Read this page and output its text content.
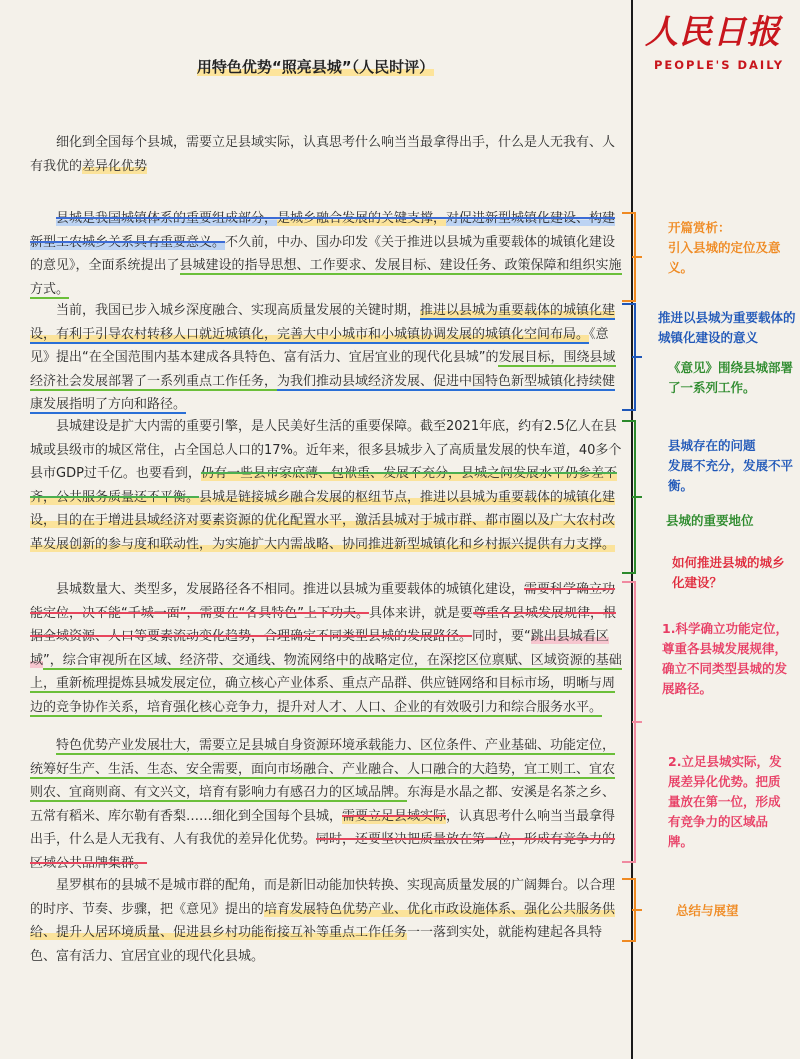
人民日报
PEOPLE'S DAILY
用特色优势“照亮县城”（人民时评）

细化到全国每个县城，需要立足县域实际，认真思考什么响当当最拿得出手，什么是人无我有、人有我优的差异化优势

县城是我国城镇体系的重要组成部分，是城乡融合发展的关键支撑，对促进新型城镇化建设、构建新型工农城乡关系具有重要意义。不久前，中办、国办印发《关于推进以县城为重要载体的城镇化建设的意见》，全面系统提出了县城建设的指导思想、工作要求、发展目标、建设任务、政策保障和组织实施方式。

当前，我国已步入城乡深度融合、实现高质量发展的关键时期，推进以县城为重要载体的城镇化建设，有利于引导农村转移人口就近城镇化，完善大中小城市和小城镇协调发展的城镇化空间布局。《意见》提出“在全国范围内基本建成各具特色、富有活力、宜居宜业的现代化县城”的发展目标，围绕县域经济社会发展部署了一系列重点工作任务，为我们推动县域经济发展、促进中国特色新型城镇化持续健康发展指明了方向和路径。

县城建设是扩大内需的重要引擎，是人民美好生活的重要保障。截至2021年底，约有2.5亿人在县城或县级市的城区常住，占全国总人口的17%。近年来，很多县城步入了高质量发展的快车道，40多个县市GDP过千亿。也要看到，仍有一些县市家底薄、包袱重、发展不充分，县城之间发展水平仍参差不齐，公共服务质量还不平衡。县城是链接城乡融合发展的枢纽节点，推进以县城为重要载体的城镇化建设，目的在于增进县域经济对要素资源的优化配置水平，激活县城对于城市群、都市圈以及广大农村改革发展创新的参与度和联动性，为实施扩大内需战略、协同推进新型城镇化和乡村振兴提供有力支撑。

县城数量大、类型多，发展路径各不相同。推进以县城为重要载体的城镇化建设，需要科学确立功能定位，决不能“千城一面”，需要在“各具特色”上下功夫。具体来讲，就是要尊重各县城发展规律，根据全域资源、人口等要素流动变化趋势，合理确定不同类型县城的发展路径。同时，要“跳出县城看区域”，综合审视所在区域、经济带、交通线、物流网络中的战略定位，在深挖区位禀赋、区域资源的基础上，重新梳理提炼县城发展定位，确立核心产业体系、重点产品群、供应链网络和目标市场，明晰与周边的竞争协作关系，培育强化核心竞争力，提升对人才、人口、企业的有效吸引力和综合服务水平。

特色优势产业发展壮大，需要立足县城自身资源环境承载能力、区位条件、产业基础、功能定位，统筹好生产、生活、生态、安全需要，面向市场融合、产业融合、人口融合的大趋势，宜工则工、宜农则农、宜商则商、有文兴文，培育有影响力有感召力的区域品牌。东海是水晶之都、安溪是名茶之乡、五常有稻米、库尔勒有香梨……细化到全国每个县城，需要立足县域实际，认真思考什么响当当最拿得出手，什么是人无我有、人有我优的差异化优势。同时，还要坚决把质量放在第一位，形成有竞争力的区域公共品牌集群。

星罗棋布的县城不是城市群的配角，而是新旧动能加快转换、实现高质量发展的广阔舞台。以合理的时序、节奏、步骤，把《意见》提出的培育发展特色优势产业、优化市政设施体系、强化公共服务供给、提升人居环境质量、促进县乡村功能衔接互补等重点工作任务一一落到实处，就能构建起各具特色、富有活力、宜居宜业的现代化县城。

开篇赏析：
引入县城的定位及意义。
推进以县城为重要载体的城镇化建设的意义
《意见》围绕县城部署了一系列工作。
县城存在的问题
发展不充分，发展不平衡。
县城的重要地位
如何推进县城的城乡化建设？
1.科学确立功能定位，尊重各县城发展规律，确立不同类型县城的发展路径。
2.立足县城实际，发展差异化优势。把质量放在第一位，形成有竞争力的区域品牌。
总结与展望
